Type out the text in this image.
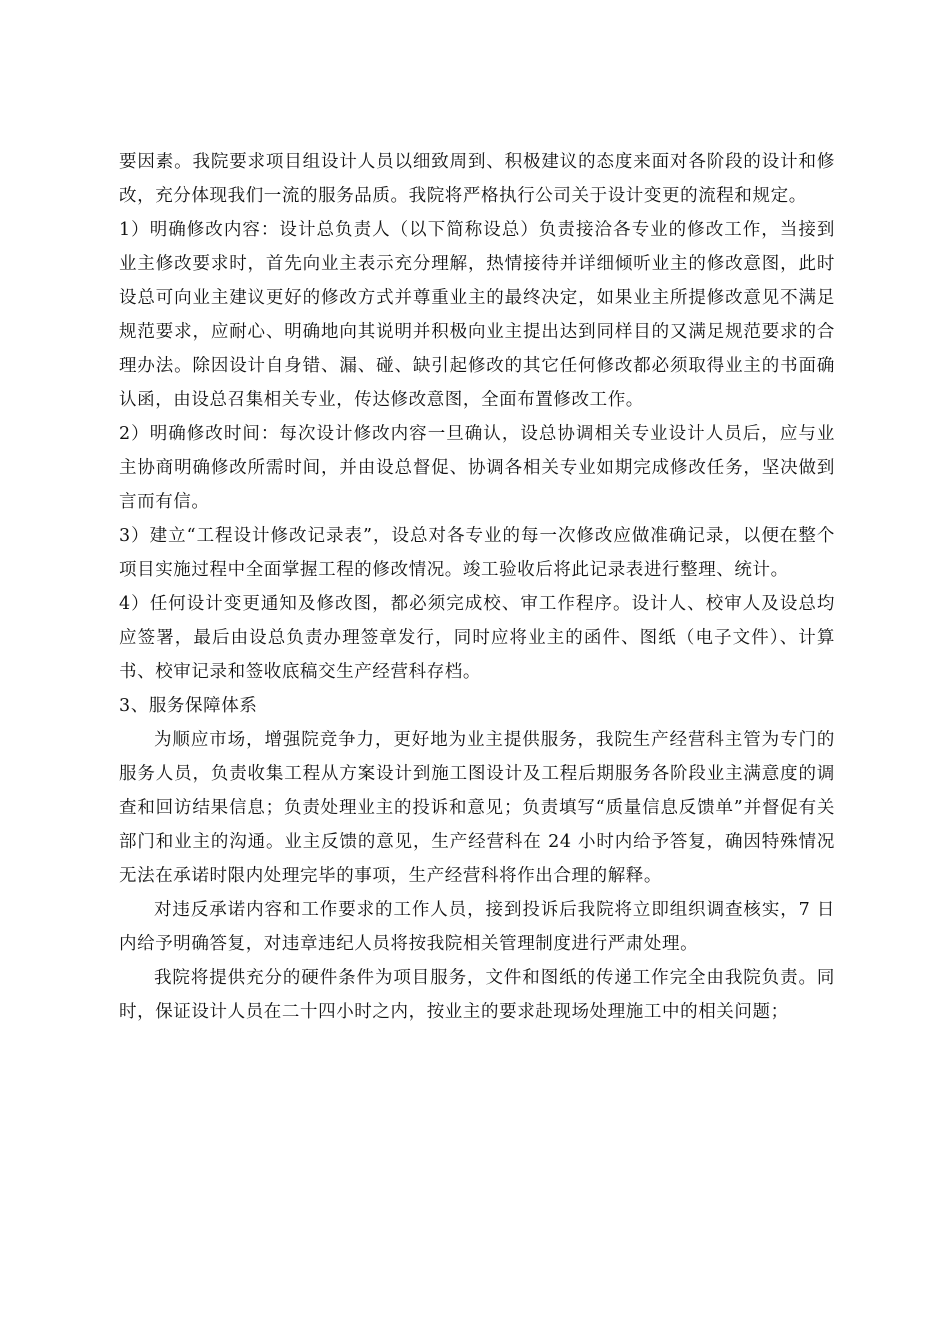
要因素。我院要求项目组设计人员以细致周到、积极建议的态度来面对各阶段的设计和修改，充分体现我们一流的服务品质。我院将严格执行公司关于设计变更的流程和规定。

1）明确修改内容：设计总负责人（以下简称设总）负责接洽各专业的修改工作，当接到业主修改要求时，首先向业主表示充分理解，热情接待并详细倾听业主的修改意图，此时设总可向业主建议更好的修改方式并尊重业主的最终决定，如果业主所提修改意见不满足规范要求，应耐心、明确地向其说明并积极向业主提出达到同样目的又满足规范要求的合理办法。除因设计自身错、漏、碰、缺引起修改的其它任何修改都必须取得业主的书面确认函，由设总召集相关专业，传达修改意图，全面布置修改工作。

2）明确修改时间：每次设计修改内容一旦确认，设总协调相关专业设计人员后，应与业主协商明确修改所需时间，并由设总督促、协调各相关专业如期完成修改任务，坚决做到言而有信。

3）建立“工程设计修改记录表”，设总对各专业的每一次修改应做准确记录，以便在整个项目实施过程中全面掌握工程的修改情况。竣工验收后将此记录表进行整理、统计。

4）任何设计变更通知及修改图，都必须完成校、审工作程序。设计人、校审人及设总均应签署，最后由设总负责办理签章发行，同时应将业主的函件、图纸（电子文件）、计算书、校审记录和签收底稿交生产经营科存档。

3、服务保障体系

为顺应市场，增强院竞争力，更好地为业主提供服务，我院生产经营科主管为专门的服务人员，负责收集工程从方案设计到施工图设计及工程后期服务各阶段业主满意度的调查和回访结果信息；负责处理业主的投诉和意见；负责填写“质量信息反馈单”并督促有关部门和业主的沟通。业主反馈的意见，生产经营科在 24 小时内给予答复，确因特殊情况无法在承诺时限内处理完毕的事项，生产经营科将作出合理的解释。

对违反承诺内容和工作要求的工作人员，接到投诉后我院将立即组织调查核实，7 日内给予明确答复，对违章违纪人员将按我院相关管理制度进行严肃处理。

我院将提供充分的硬件条件为项目服务，文件和图纸的传递工作完全由我院负责。同时，保证设计人员在二十四小时之内，按业主的要求赴现场处理施工中的相关问题；
